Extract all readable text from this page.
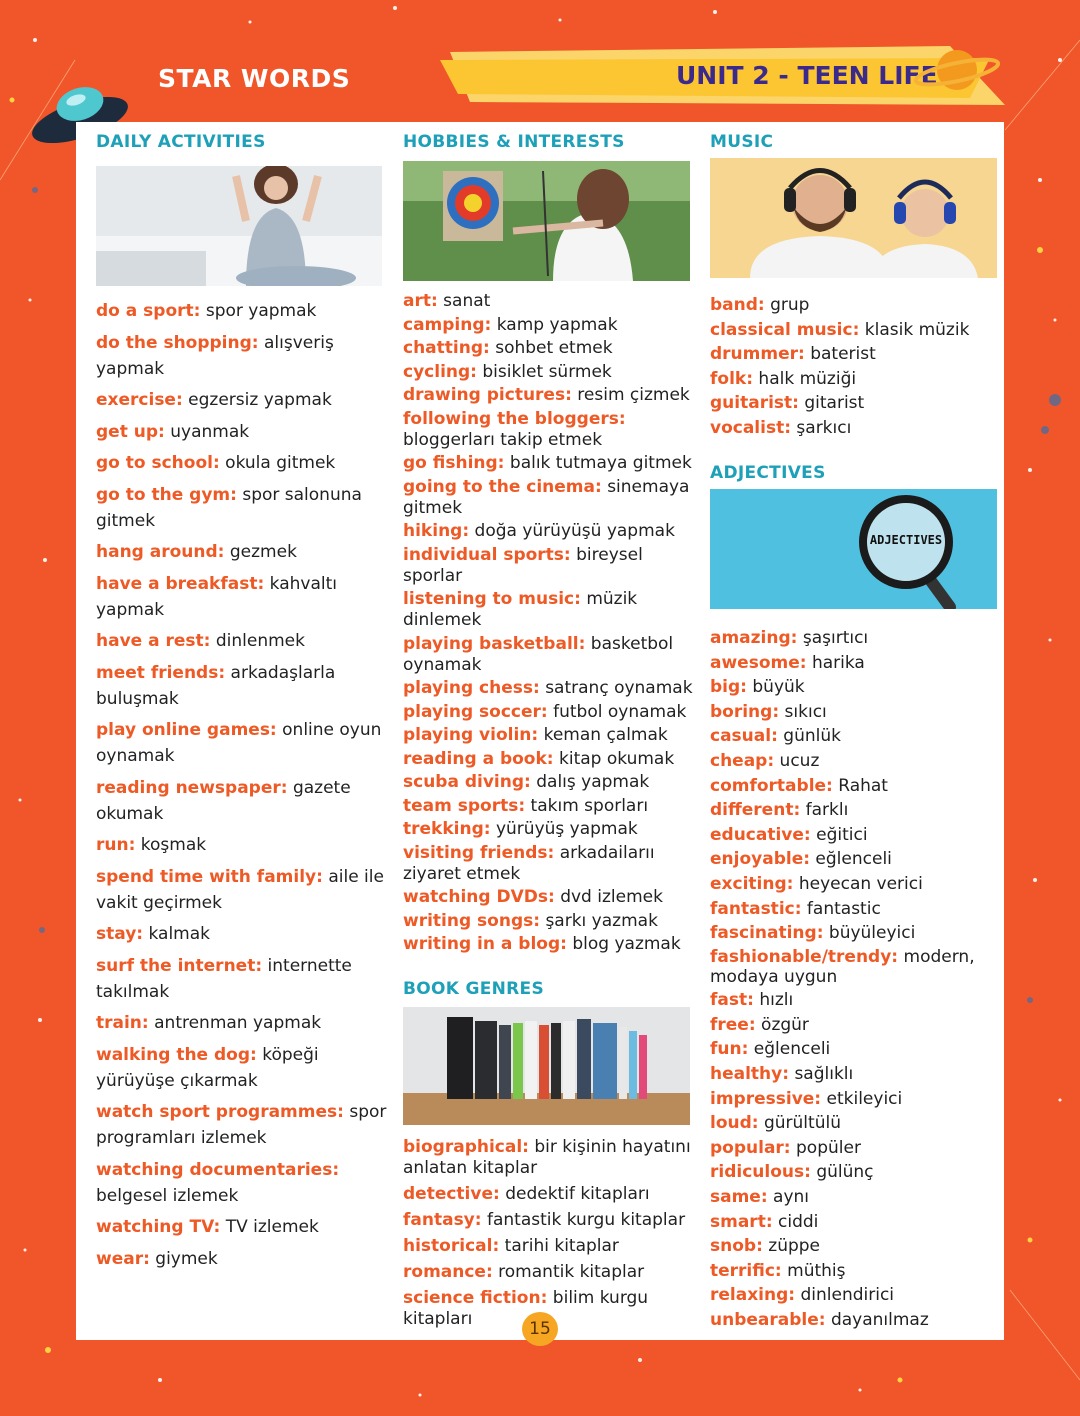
STAR WORDS	UNIT 2 - TEEN LIFE
DAILY ACTIVITIES
do a sport: spor yapmak
do the shopping: alışveriş yapmak
exercise: egzersiz yapmak
get up: uyanmak
go to school: okula gitmek
go to the gym: spor salonuna gitmek
hang around: gezmek
have a breakfast: kahvaltı yapmak
have a rest: dinlenmek
meet friends: arkadaşlarla buluşmak
play online games: online oyun oynamak
reading newspaper: gazete okumak
run: koşmak
spend time with family: aile ile vakit geçirmek
stay: kalmak
surf the internet: internette takılmak
train: antrenman yapmak
walking the dog: köpeği yürüyüşe çıkarmak
watch sport programmes: spor programları izlemek
watching documentaries: belgesel izlemek
watching TV: TV izlemek
wear: giymek
HOBBIES & INTERESTS
art: sanat
camping: kamp yapmak
chatting: sohbet etmek
cycling: bisiklet sürmek
drawing pictures: resim çizmek
following the bloggers: bloggerları takip etmek
go fishing: balık tutmaya gitmek
going to the cinema: sinemaya gitmek
hiking: doğa yürüyüşü yapmak
individual sports: bireysel sporlar
listening to music: müzik dinlemek
playing basketball: basketbol oynamak
playing chess: satranç oynamak
playing soccer: futbol oynamak
playing violin: keman çalmak
reading a book: kitap okumak
scuba diving: dalış yapmak
team sports: takım sporları
trekking: yürüyüş yapmak
visiting friends: arkadailarıı ziyaret etmek
watching DVDs: dvd izlemek
writing songs: şarkı yazmak
writing in a blog: blog yazmak
BOOK GENRES
biographical: bir kişinin hayatını anlatan kitaplar
detective: dedektif kitapları
fantasy: fantastik kurgu kitaplar
historical: tarihi kitaplar
romance: romantik kitaplar
science fiction: bilim kurgu kitapları
MUSIC
band: grup
classical music: klasik müzik
drummer: baterist
folk: halk müziği
guitarist: gitarist
vocalist: şarkıcı
ADJECTIVES
ADJECTIVES
amazing: şaşırtıcı
awesome: harika
big: büyük
boring: sıkıcı
casual: günlük
cheap: ucuz
comfortable: Rahat
different: farklı
educative: eğitici
enjoyable: eğlenceli
exciting: heyecan verici
fantastic: fantastic
fascinating: büyüleyici
fashionable/trendy: modern, modaya uygun
fast: hızlı
free: özgür
fun: eğlenceli
healthy: sağlıklı
impressive: etkileyici
loud: gürültülü
popular: popüler
ridiculous: gülünç
same: aynı
smart: ciddi
snob: züppe
terrific: müthiş
relaxing: dinlendirici
unbearable: dayanılmaz
15
